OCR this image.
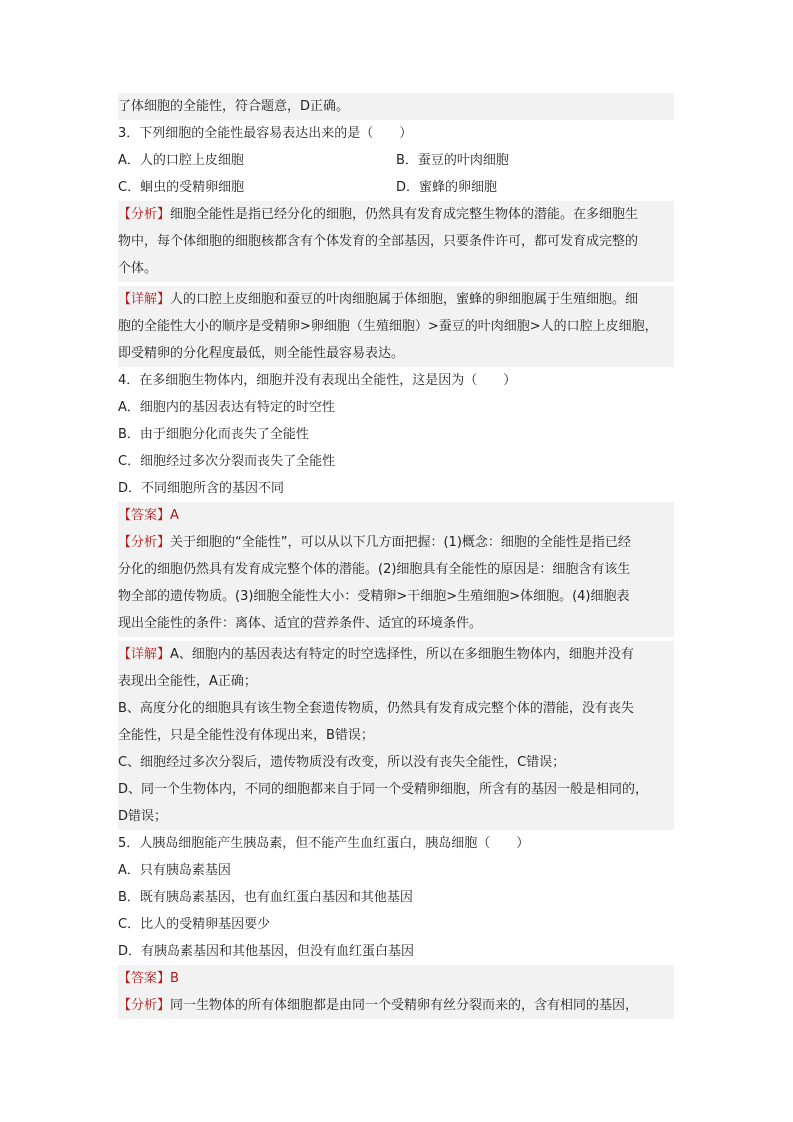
了体细胞的全能性，符合题意，D正确。
3．下列细胞的全能性最容易表达出来的是（　　）
A．人的口腔上皮细胞	B．蚕豆的叶肉细胞
C．蛔虫的受精卵细胞	D．蜜蜂的卵细胞
【分析】细胞全能性是指已经分化的细胞，仍然具有发育成完整生物体的潜能。在多细胞生
物中，每个体细胞的细胞核都含有个体发育的全部基因，只要条件许可，都可发育成完整的
个体。
【详解】人的口腔上皮细胞和蚕豆的叶肉细胞属于体细胞，蜜蜂的卵细胞属于生殖细胞。细
胞的全能性大小的顺序是受精卵>卵细胞（生殖细胞）>蚕豆的叶肉细胞>人的口腔上皮细胞，
即受精卵的分化程度最低，则全能性最容易表达。
4．在多细胞生物体内，细胞并没有表现出全能性，这是因为（　　）
A．细胞内的基因表达有特定的时空性
B．由于细胞分化而丧失了全能性
C．细胞经过多次分裂而丧失了全能性
D．不同细胞所含的基因不同
【答案】A
【分析】关于细胞的“全能性”，可以从以下几方面把握：(1)概念：细胞的全能性是指已经
分化的细胞仍然具有发育成完整个体的潜能。(2)细胞具有全能性的原因是：细胞含有该生
物全部的遗传物质。(3)细胞全能性大小：受精卵>干细胞>生殖细胞>体细胞。(4)细胞表
现出全能性的条件：离体、适宜的营养条件、适宜的环境条件。
【详解】A、细胞内的基因表达有特定的时空选择性，所以在多细胞生物体内，细胞并没有
表现出全能性，A正确；
B、高度分化的细胞具有该生物全套遗传物质，仍然具有发育成完整个体的潜能，没有丧失
全能性，只是全能性没有体现出来，B错误；
C、细胞经过多次分裂后，遗传物质没有改变，所以没有丧失全能性，C错误；
D、同一个生物体内，不同的细胞都来自于同一个受精卵细胞，所含有的基因一般是相同的，
D错误；
5．人胰岛细胞能产生胰岛素，但不能产生血红蛋白，胰岛细胞（　　）
A．只有胰岛素基因
B．既有胰岛素基因，也有血红蛋白基因和其他基因
C．比人的受精卵基因要少
D．有胰岛素基因和其他基因，但没有血红蛋白基因
【答案】B
【分析】同一生物体的所有体细胞都是由同一个受精卵有丝分裂而来的，含有相同的基因，
